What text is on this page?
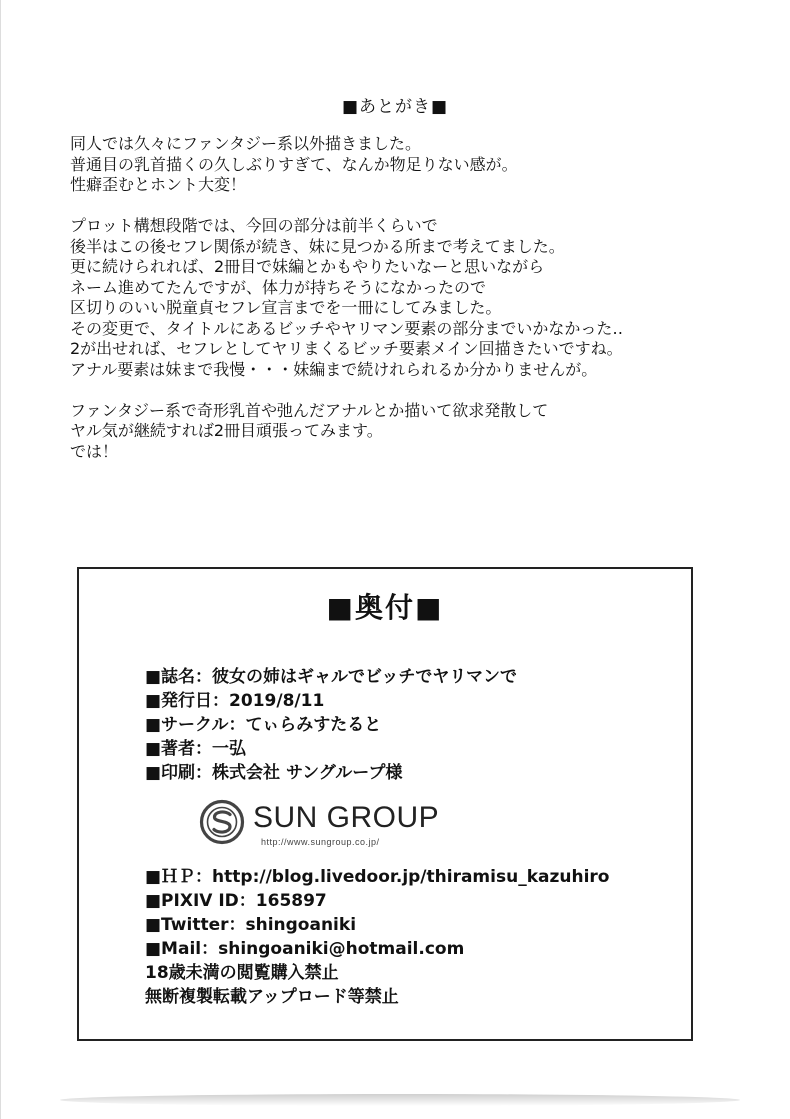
■あとがき■
同人では久々にファンタジー系以外描きました。
普通目の乳首描くの久しぶりすぎて、なんか物足りない感が。
性癖歪むとホント大変！
プロット構想段階では、今回の部分は前半くらいで
後半はこの後セフレ関係が続き、妹に見つかる所まで考えてました。
更に続けられれば、2冊目で妹編とかもやりたいなーと思いながら
ネーム進めてたんですが、体力が持ちそうになかったので
区切りのいい脱童貞セフレ宣言までを一冊にしてみました。
その変更で、タイトルにあるビッチやヤリマン要素の部分までいかなかった‥
2が出せれば、セフレとしてヤリまくるビッチ要素メイン回描きたいですね。
アナル要素は妹まで我慢・・・妹編まで続けれられるか分かりませんが。
ファンタジー系で奇形乳首や弛んだアナルとか描いて欲求発散して
ヤル気が継続すれば2冊目頑張ってみます。
では！
■奥付■
■誌名：彼女の姉はギャルでビッチでヤリマンで
■発行日：2019/8/11
■サークル：てぃらみすたると
■著者：一弘
■印刷：株式会社 サングループ様
SUN GROUP
http://www.sungroup.co.jp/
■ＨＰ：http://blog.livedoor.jp/thiramisu_kazuhiro
■PIXIV ID：165897
■Twitter：shingoaniki
■Mail：shingoaniki@hotmail.com
18歳未満の閲覧購入禁止
無断複製転載アップロード等禁止
